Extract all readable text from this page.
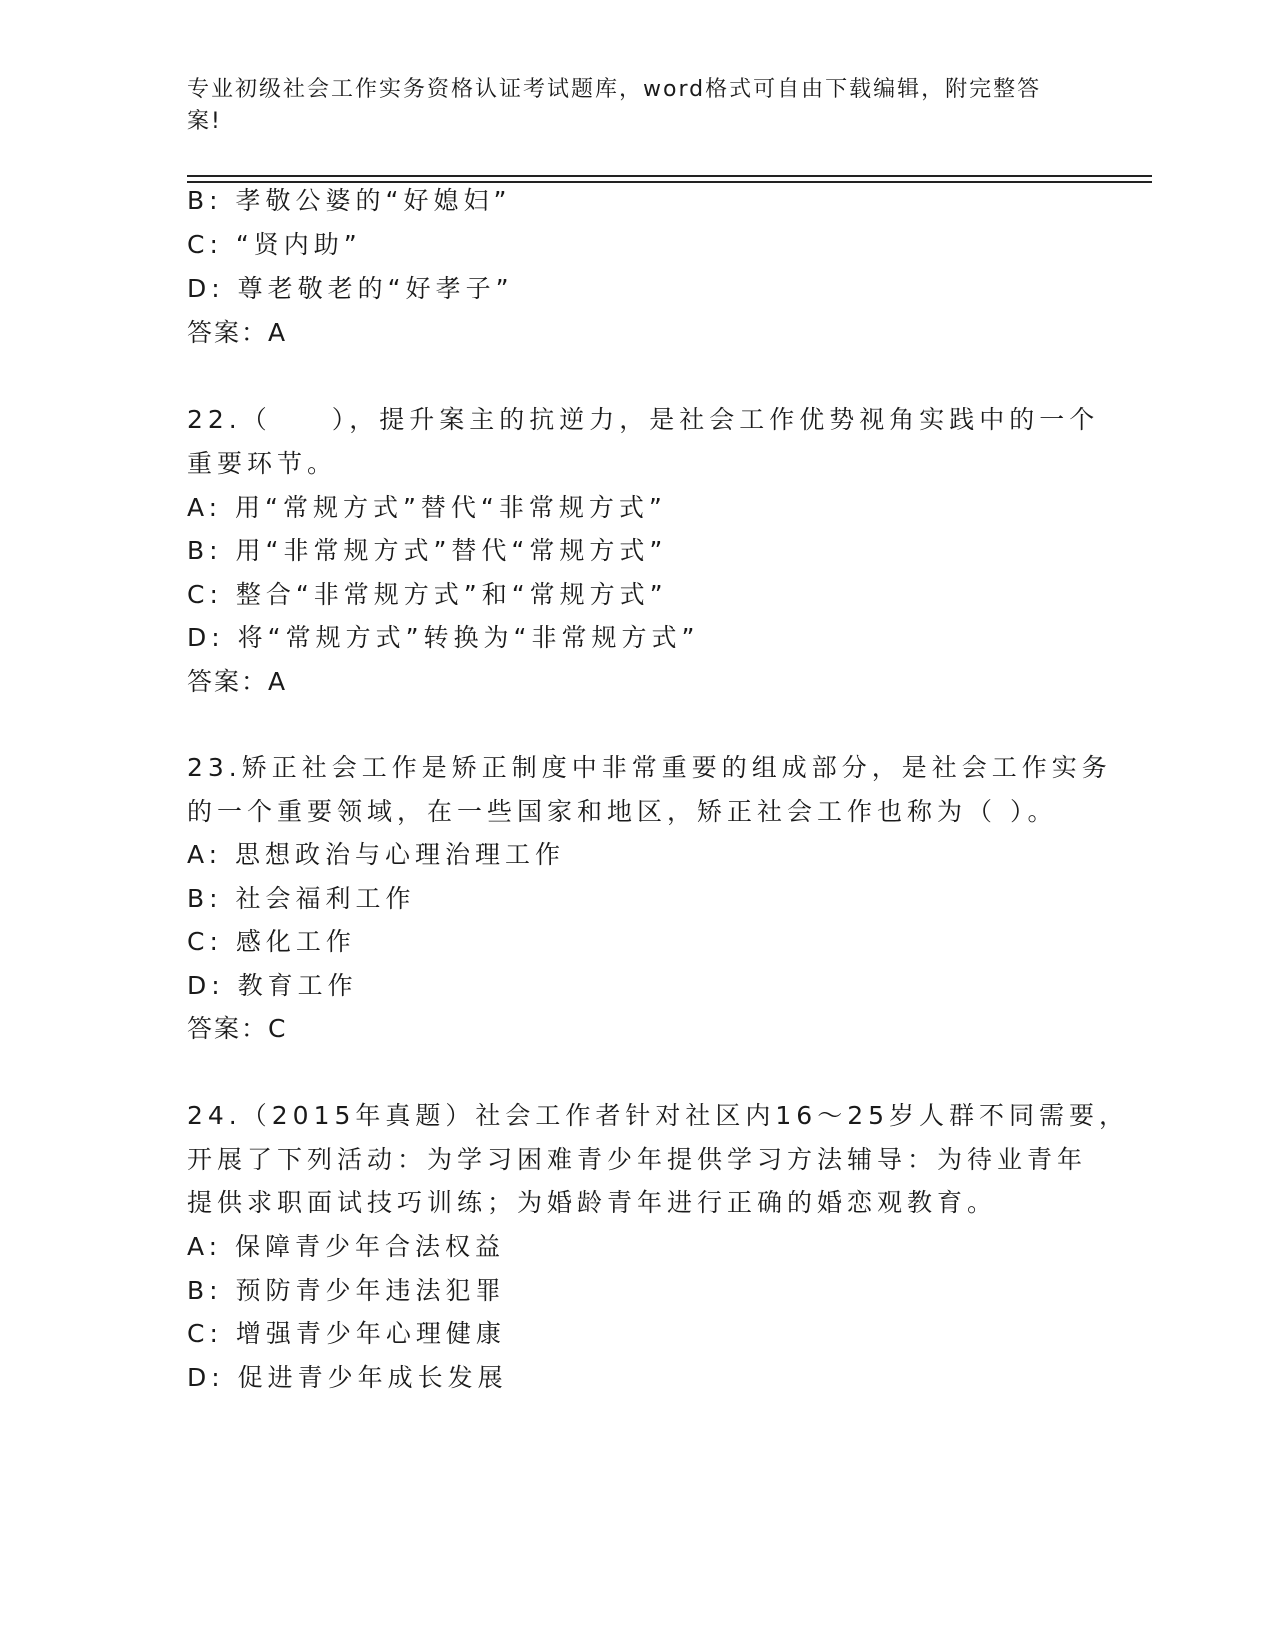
专业初级社会工作实务资格认证考试题库，word格式可自由下载编辑，附完整答
案!
B: 孝敬公婆的“好媳妇”
C: “贤内助”
D: 尊老敬老的“好孝子”
答案：A
22.（　　），提升案主的抗逆力，是社会工作优势视角实践中的一个
重要环节。
A: 用“常规方式”替代“非常规方式”
B: 用“非常规方式”替代“常规方式”
C: 整合“非常规方式”和“常规方式”
D: 将“常规方式”转换为“非常规方式”
答案：A
23.矫正社会工作是矫正制度中非常重要的组成部分，是社会工作实务
的一个重要领域，在一些国家和地区，矫正社会工作也称为（ ）。
A: 思想政治与心理治理工作
B: 社会福利工作
C: 感化工作
D: 教育工作
答案：C
24.（2015年真题）社会工作者针对社区内16～25岁人群不同需要，
开展了下列活动：为学习困难青少年提供学习方法辅导：为待业青年
提供求职面试技巧训练；为婚龄青年进行正确的婚恋观教育。
A: 保障青少年合法权益
B: 预防青少年违法犯罪
C: 增强青少年心理健康
D: 促进青少年成长发展
